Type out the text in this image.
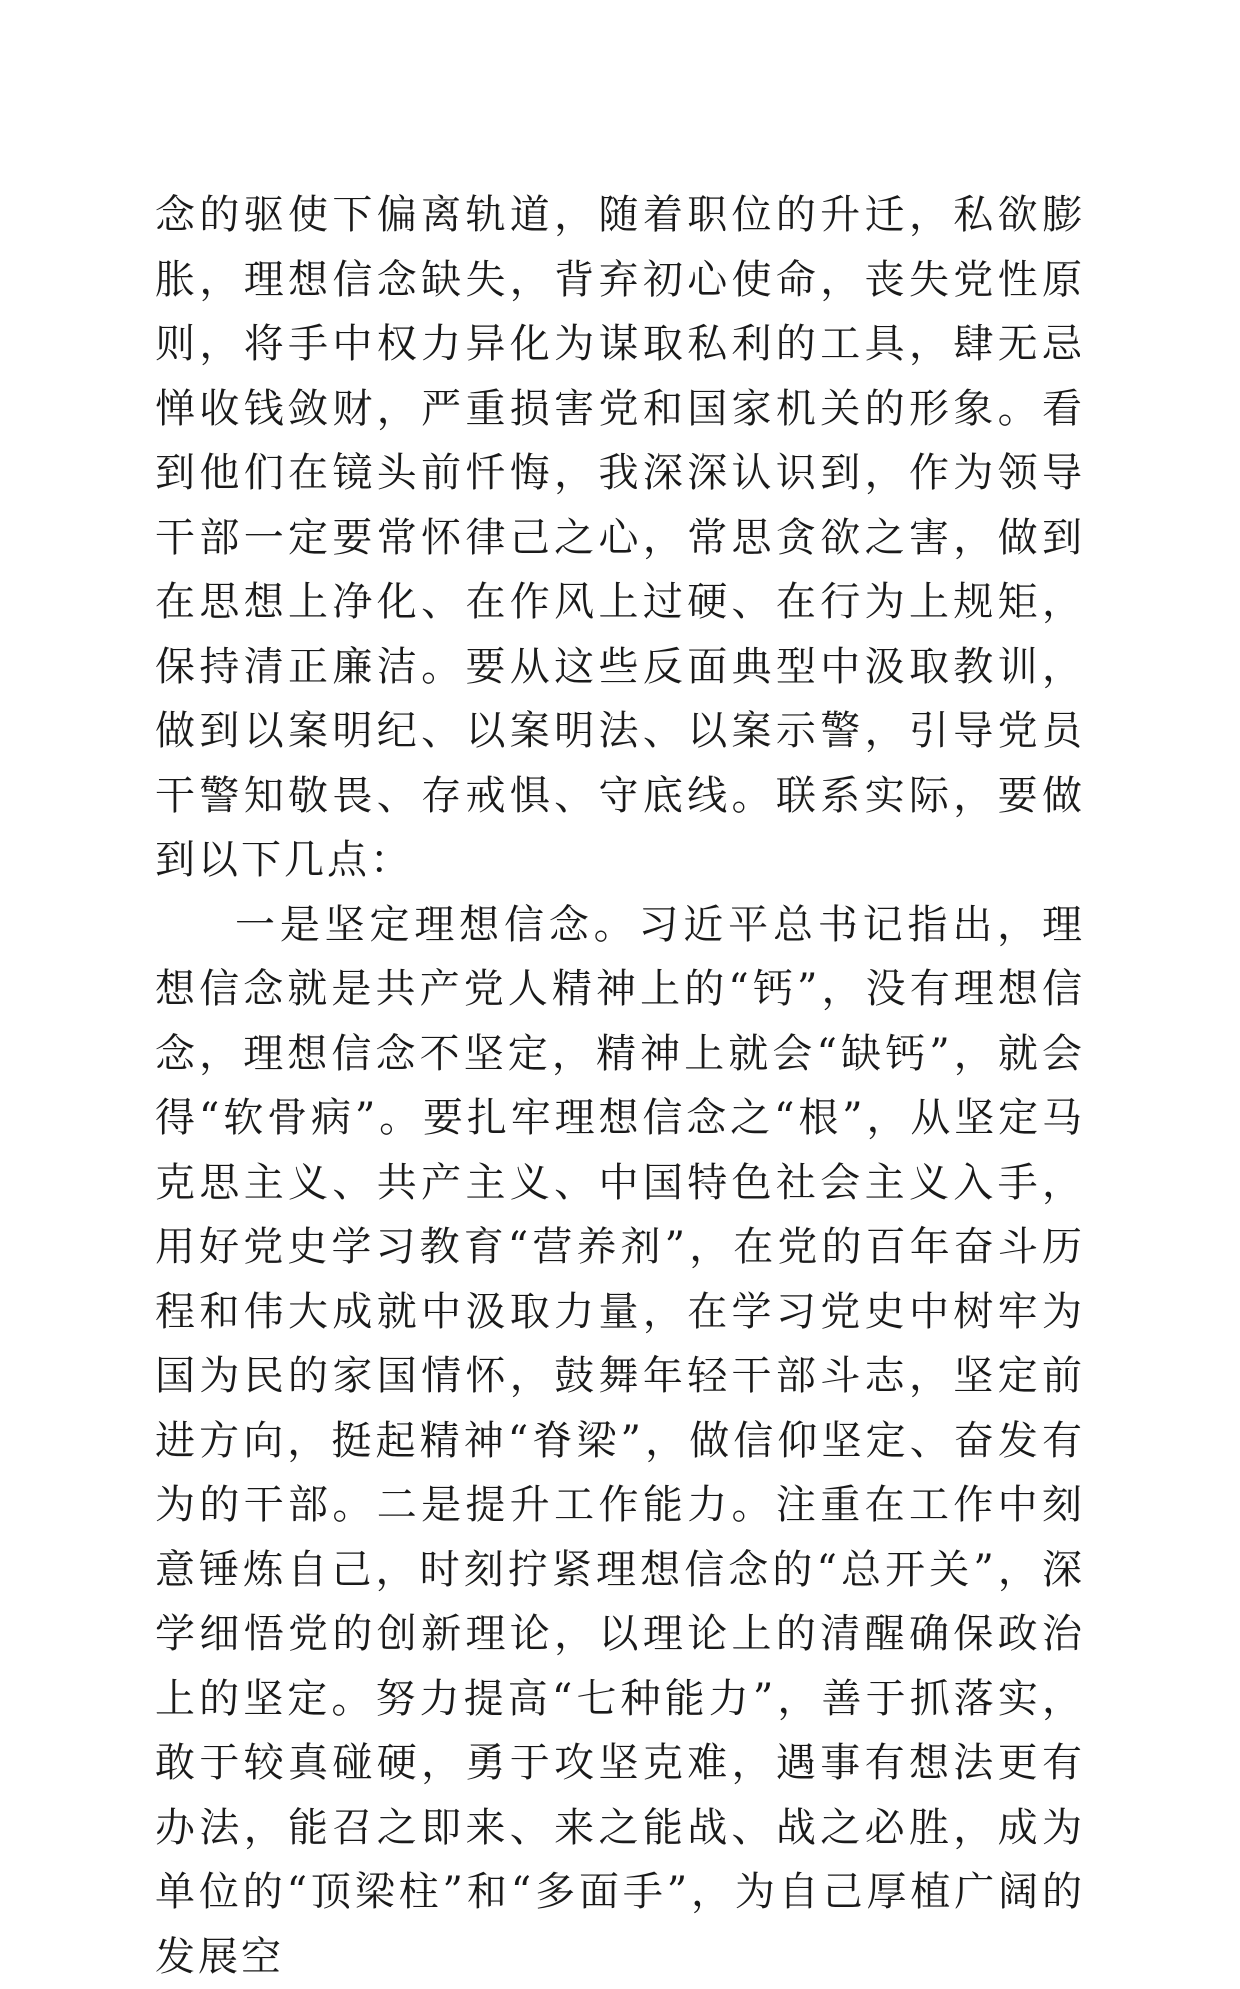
念的驱使下偏离轨道，随着职位的升迁，私欲膨胀，理想信念缺失，背弃初心使命，丧失党性原则，将手中权力异化为谋取私利的工具，肆无忌惮收钱敛财，严重损害党和国家机关的形象。看到他们在镜头前忏悔，我深深认识到，作为领导干部一定要常怀律己之心，常思贪欲之害，做到在思想上净化、在作风上过硬、在行为上规矩，保持清正廉洁。要从这些反面典型中汲取教训，做到以案明纪、以案明法、以案示警，引导党员干警知敬畏、存戒惧、守底线。联系实际，要做到以下几点：

一是坚定理想信念。习近平总书记指出，理想信念就是共产党人精神上的“钙”，没有理想信念，理想信念不坚定，精神上就会“缺钙”，就会得“软骨病”。要扎牢理想信念之“根”，从坚定马克思主义、共产主义、中国特色社会主义入手，用好党史学习教育“营养剂”，在党的百年奋斗历程和伟大成就中汲取力量，在学习党史中树牢为国为民的家国情怀，鼓舞年轻干部斗志，坚定前进方向，挺起精神“脊梁”，做信仰坚定、奋发有为的干部。二是提升工作能力。注重在工作中刻意锤炼自己，时刻拧紧理想信念的“总开关”，深学细悟党的创新理论，以理论上的清醒确保政治上的坚定。努力提高“七种能力”，善于抓落实，敢于较真碰硬，勇于攻坚克难，遇事有想法更有办法，能召之即来、来之能战、战之必胜，成为单位的“顶梁柱”和“多面手”，为自己厚植广阔的发展空
